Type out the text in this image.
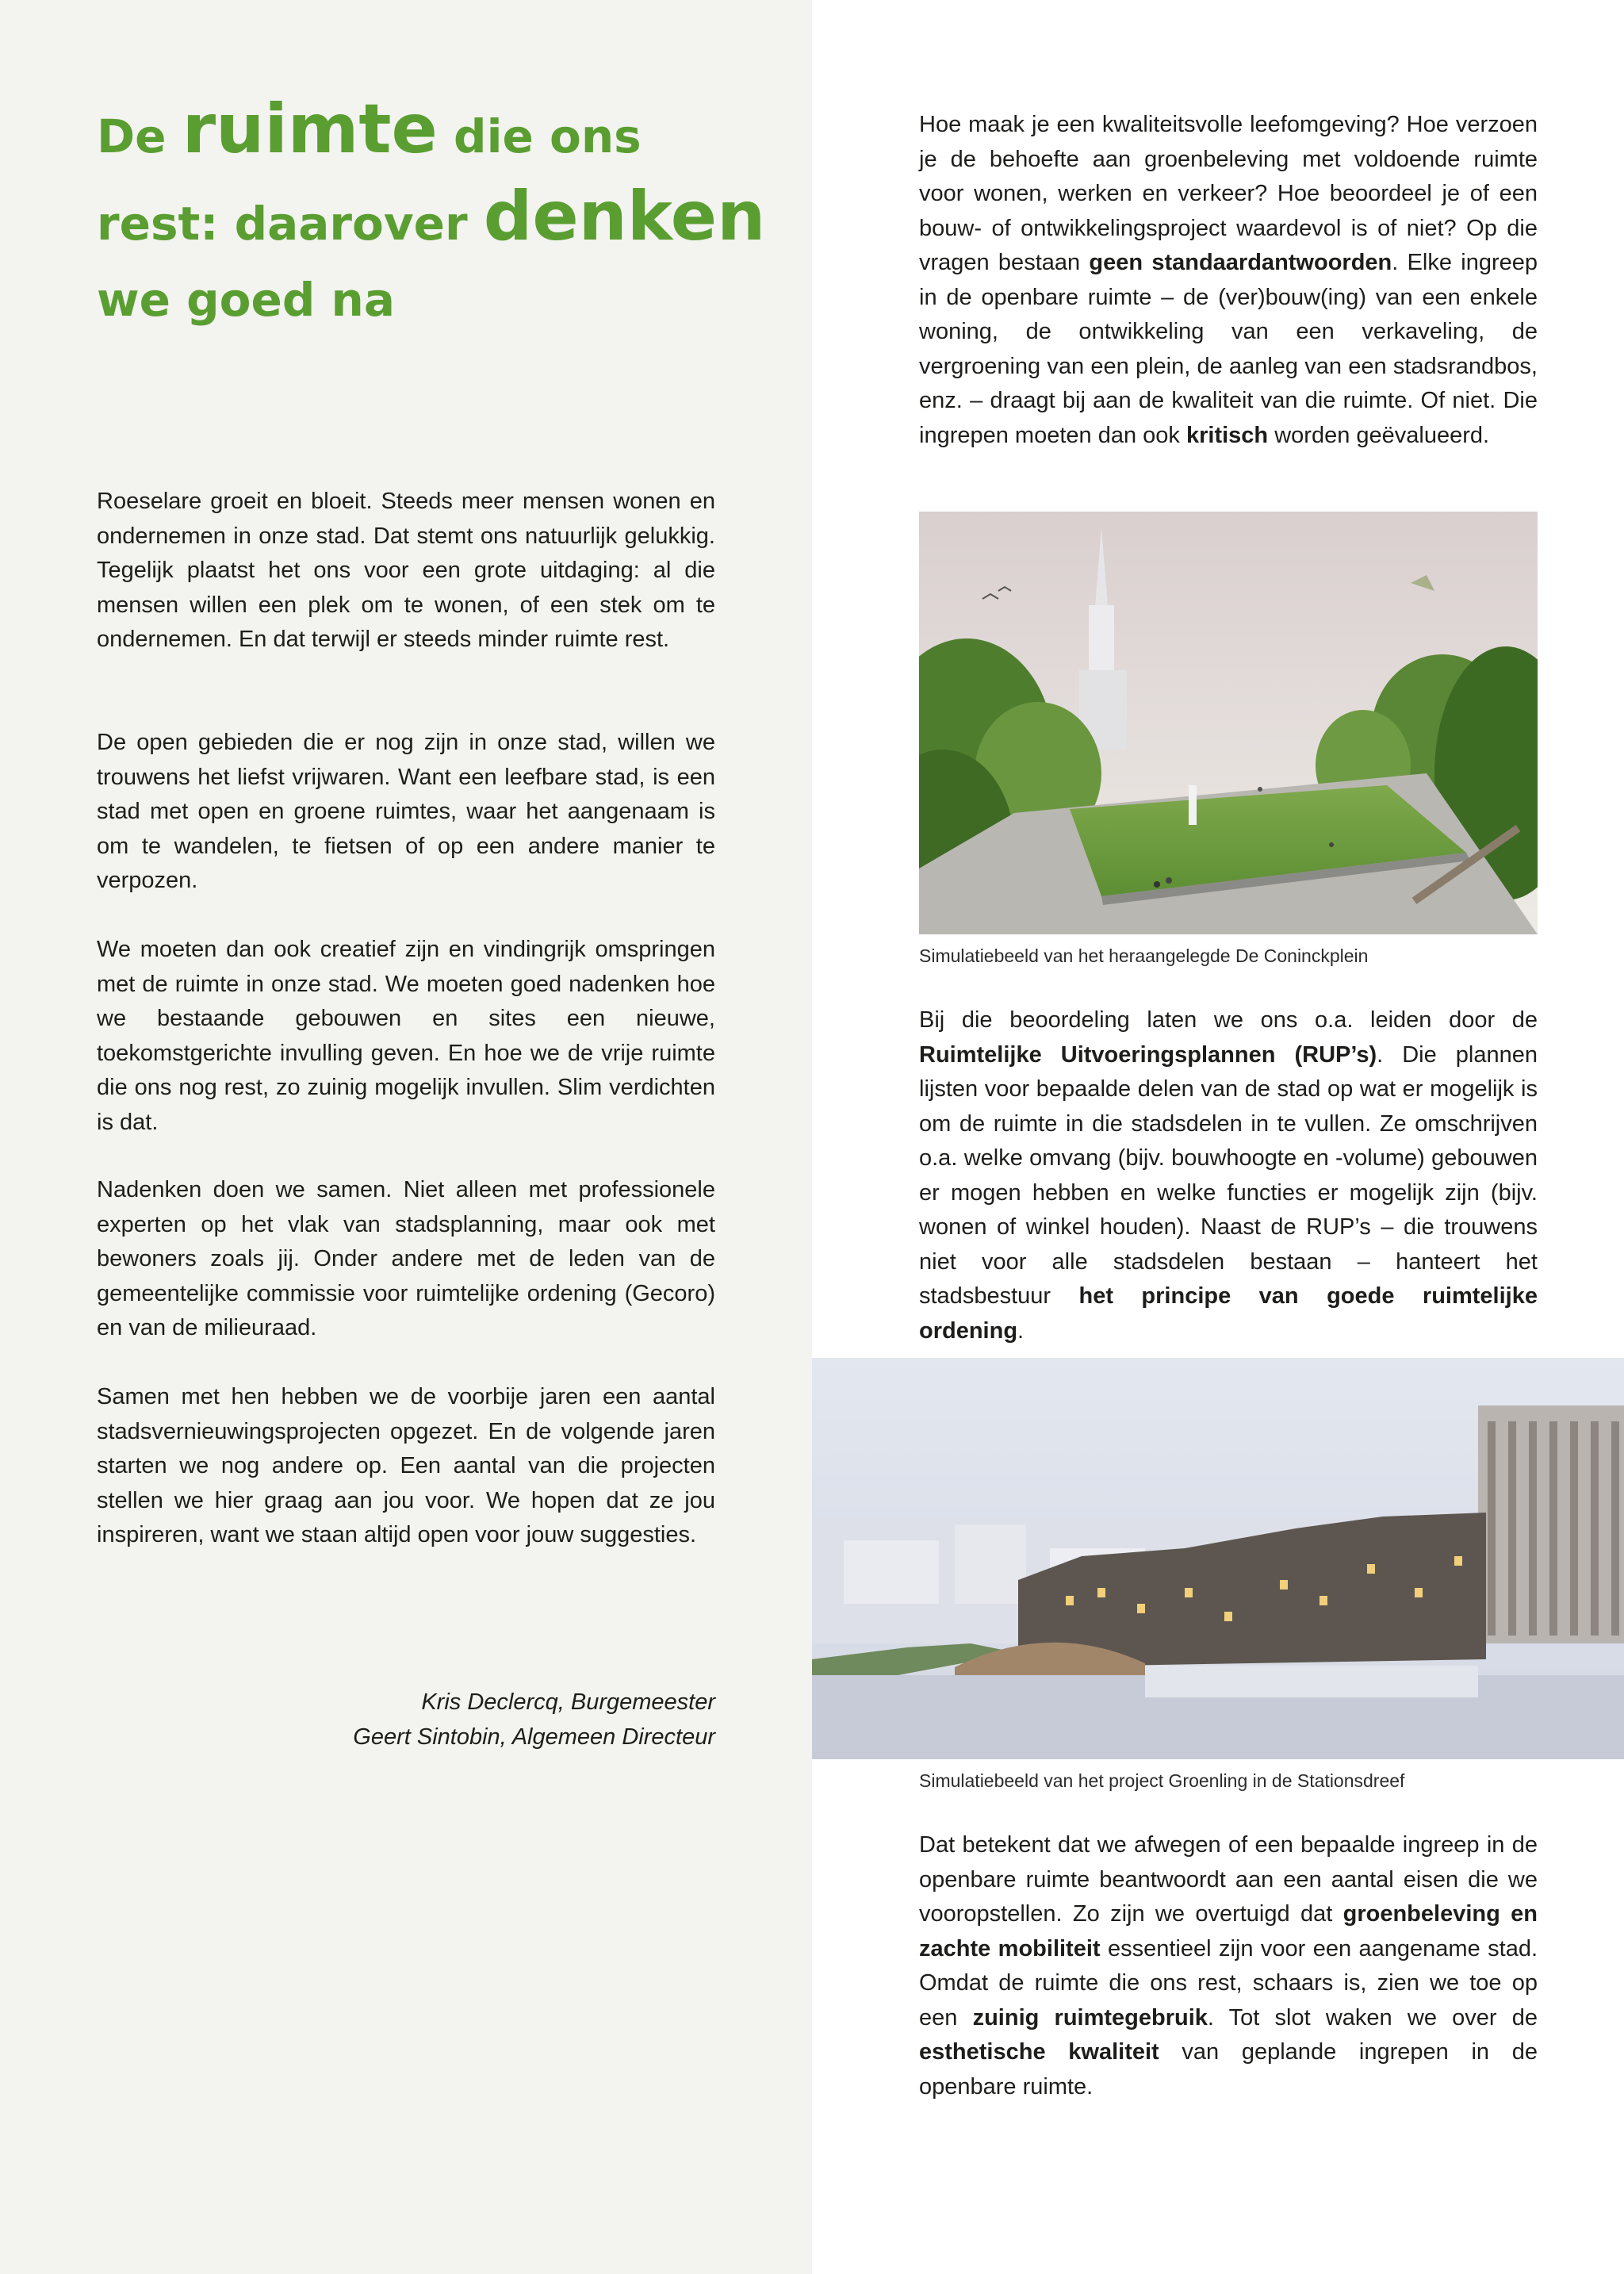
De ruimte die ons
rest: daarover denken
we goed na

Roeselare groeit en bloeit. Steeds meer mensen wonen en ondernemen in onze stad. Dat stemt ons natuurlijk gelukkig. Tegelijk plaatst het ons voor een grote uitdaging: al die mensen willen een plek om te wonen, of een stek om te ondernemen. En dat terwijl er steeds minder ruimte rest.

De open gebieden die er nog zijn in onze stad, willen we trouwens het liefst vrijwaren. Want een leefbare stad, is een stad met open en groene ruimtes, waar het aangenaam is om te wandelen, te fietsen of op een andere manier te verpozen.

We moeten dan ook creatief zijn en vindingrijk omspringen met de ruimte in onze stad. We moeten goed nadenken hoe we bestaande gebouwen en sites een nieuwe, toekomstgerichte invulling geven. En hoe we de vrije ruimte die ons nog rest, zo zuinig mogelijk invullen. Slim verdichten is dat.

Nadenken doen we samen. Niet alleen met professionele experten op het vlak van stadsplanning, maar ook met bewoners zoals jij. Onder andere met de leden van de gemeentelijke commissie voor ruimtelijke ordening (Gecoro) en van de milieuraad.

Samen met hen hebben we de voorbije jaren een aantal stadsvernieuwingsprojecten opgezet. En de volgende jaren starten we nog andere op. Een aantal van die projecten stellen we hier graag aan jou voor. We hopen dat ze jou inspireren, want we staan altijd open voor jouw suggesties.

Kris Declercq, Burgemeester
Geert Sintobin, Algemeen Directeur

Hoe maak je een kwaliteitsvolle leefomgeving? Hoe verzoen je de behoefte aan groenbeleving met voldoende ruimte voor wonen, werken en verkeer? Hoe beoordeel je of een bouw- of ontwikkelingsproject waardevol is of niet? Op die vragen bestaan geen standaardantwoorden. Elke ingreep in de openbare ruimte – de (ver)bouw(ing) van een enkele woning, de ontwikkeling van een verkaveling, de vergroening van een plein, de aanleg van een stadsrandbos, enz. – draagt bij aan de kwaliteit van die ruimte. Of niet. Die ingrepen moeten dan ook kritisch worden geëvalueerd.

Simulatiebeeld van het heraangelegde De Coninckplein

Bij die beoordeling laten we ons o.a. leiden door de Ruimtelijke Uitvoeringsplannen (RUP’s). Die plannen lijsten voor bepaalde delen van de stad op wat er mogelijk is om de ruimte in die stadsdelen in te vullen. Ze omschrijven o.a. welke omvang (bijv. bouwhoogte en -volume) gebouwen er mogen hebben en welke functies er mogelijk zijn (bijv. wonen of winkel houden). Naast de RUP’s – die trouwens niet voor alle stadsdelen bestaan – hanteert het stadsbestuur het principe van goede ruimtelijke ordening.

Simulatiebeeld van het project Groenling in de Stationsdreef

Dat betekent dat we afwegen of een bepaalde ingreep in de openbare ruimte beantwoordt aan een aantal eisen die we vooropstellen. Zo zijn we overtuigd dat groenbeleving en zachte mobiliteit essentieel zijn voor een aangename stad. Omdat de ruimte die ons rest, schaars is, zien we toe op een zuinig ruimtegebruik. Tot slot waken we over de esthetische kwaliteit van geplande ingrepen in de openbare ruimte.
